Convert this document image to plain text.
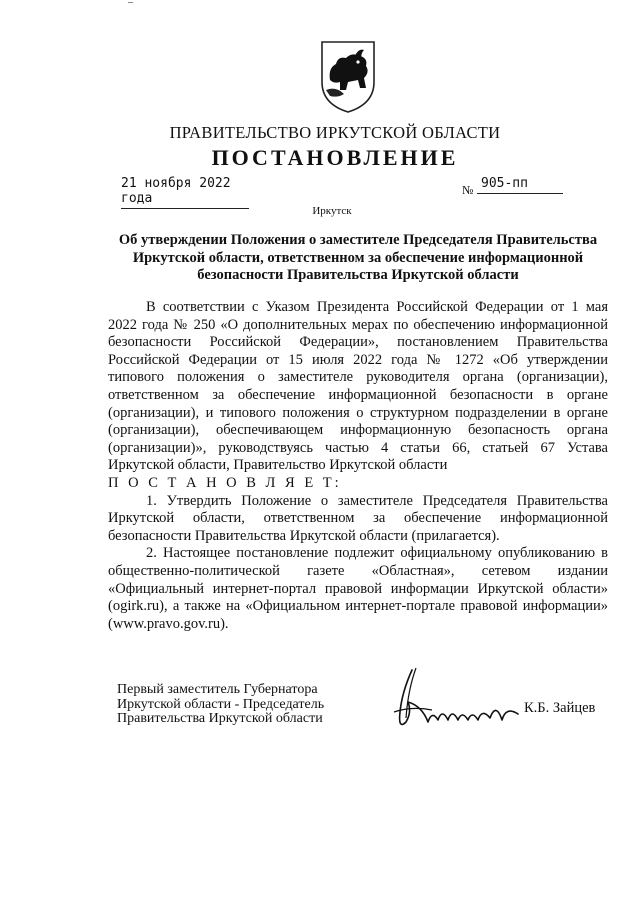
ПРАВИТЕЛЬСТВО ИРКУТСКОЙ ОБЛАСТИ
ПОСТАНОВЛЕНИЕ
21 ноября 2022 года
№ 905-пп
Иркутск
Об утверждении Положения о заместителе Председателя Правительства Иркутской области, ответственном за обеспечение информационной безопасности Правительства Иркутской области

В соответствии с Указом Президента Российской Федерации от 1 мая 2022 года № 250 «О дополнительных мерах по обеспечению информационной безопасности Российской Федерации», постановлением Правительства Российской Федерации от 15 июля 2022 года № 1272 «Об утверждении типового положения о заместителе руководителя органа (организации), ответственном за обеспечение информационной безопасности в органе (организации), и типового положения о структурном подразделении в органе (организации), обеспечивающем информационную безопасность органа (организации)», руководствуясь частью 4 статьи 66, статьей 67 Устава Иркутской области, Правительство Иркутской области

П О С Т А Н О В Л Я Е Т:

1. Утвердить Положение о заместителе Председателя Правительства Иркутской области, ответственном за обеспечение информационной безопасности Правительства Иркутской области (прилагается).

2. Настоящее постановление подлежит официальному опубликованию в общественно-политической газете «Областная», сетевом издании «Официальный интернет-портал правовой информации Иркутской области» (ogirk.ru), а также на «Официальном интернет-портале правовой информации» (www.pravo.gov.ru).

Первый заместитель Губернатора
Иркутской области - Председатель
Правительства Иркутской области
К.Б. Зайцев
